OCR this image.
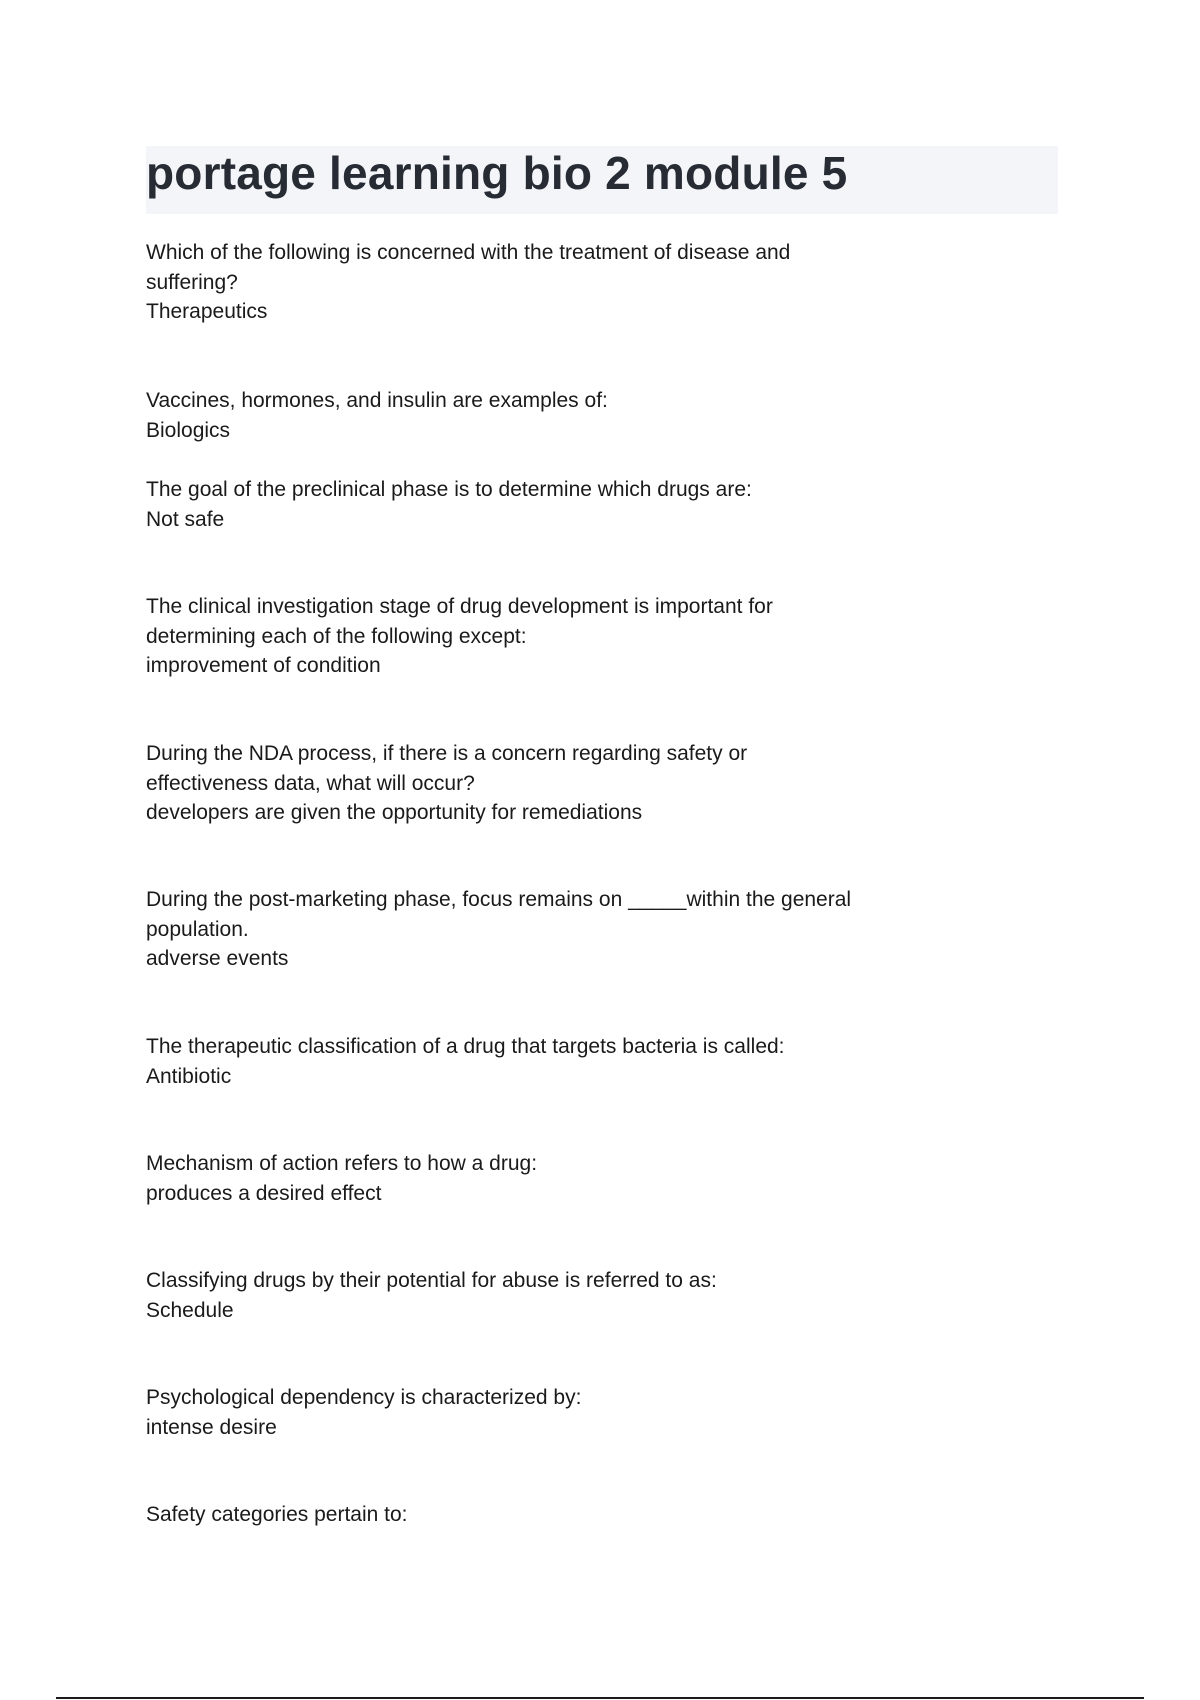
portage learning bio 2 module 5

Which of the following is concerned with the treatment of disease and suffering?

Therapeutics

Vaccines, hormones, and insulin are examples of:

Biologics

The goal of the preclinical phase is to determine which drugs are:

Not safe

The clinical investigation stage of drug development is important for determining each of the following except:

improvement of condition

During the NDA process, if there is a concern regarding safety or effectiveness data, what will occur?

developers are given the opportunity for remediations

During the post-marketing phase, focus remains on _____within the general population.

adverse events

The therapeutic classification of a drug that targets bacteria is called:

Antibiotic

Mechanism of action refers to how a drug:

produces a desired effect

Classifying drugs by their potential for abuse is referred to as:

Schedule

Psychological dependency is characterized by:

intense desire

Safety categories pertain to:
